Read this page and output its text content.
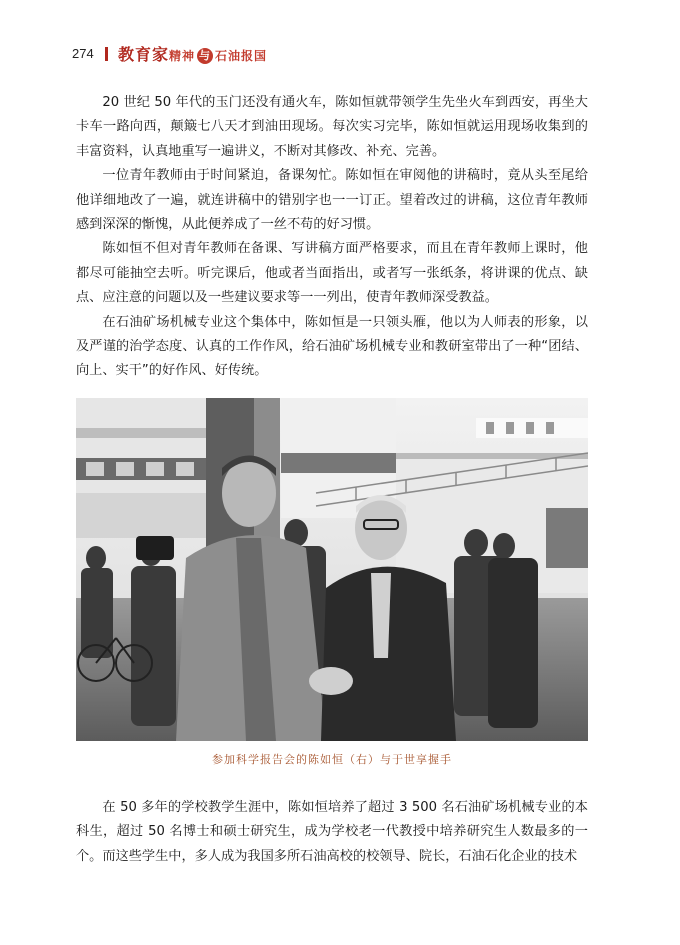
274 教育家精神 与 石油报国

20 世纪 50 年代的玉门还没有通火车，陈如恒就带领学生先坐火车到西安，再坐大卡车一路向西，颠簸七八天才到油田现场。每次实习完毕，陈如恒就运用现场收集到的丰富资料，认真地重写一遍讲义，不断对其修改、补充、完善。

一位青年教师由于时间紧迫，备课匆忙。陈如恒在审阅他的讲稿时，竟从头至尾给他详细地改了一遍，就连讲稿中的错别字也一一订正。望着改过的讲稿，这位青年教师感到深深的惭愧，从此便养成了一丝不苟的好习惯。

陈如恒不但对青年教师在备课、写讲稿方面严格要求，而且在青年教师上课时，他都尽可能抽空去听。听完课后，他或者当面指出，或者写一张纸条，将讲课的优点、缺点、应注意的问题以及一些建议要求等一一列出，使青年教师深受教益。

在石油矿场机械专业这个集体中，陈如恒是一只领头雁，他以为人师表的形象，以及严谨的治学态度、认真的工作作风，给石油矿场机械专业和教研室带出了一种“团结、向上、实干”的好作风、好传统。

参加科学报告会的陈如恒（右）与于世享握手

在 50 多年的学校教学生涯中，陈如恒培养了超过 3 500 名石油矿场机械专业的本科生，超过 50 名博士和硕士研究生，成为学校老一代教授中培养研究生人数最多的一个。而这些学生中，多人成为我国多所石油高校的校领导、院长，石油石化企业的技术
